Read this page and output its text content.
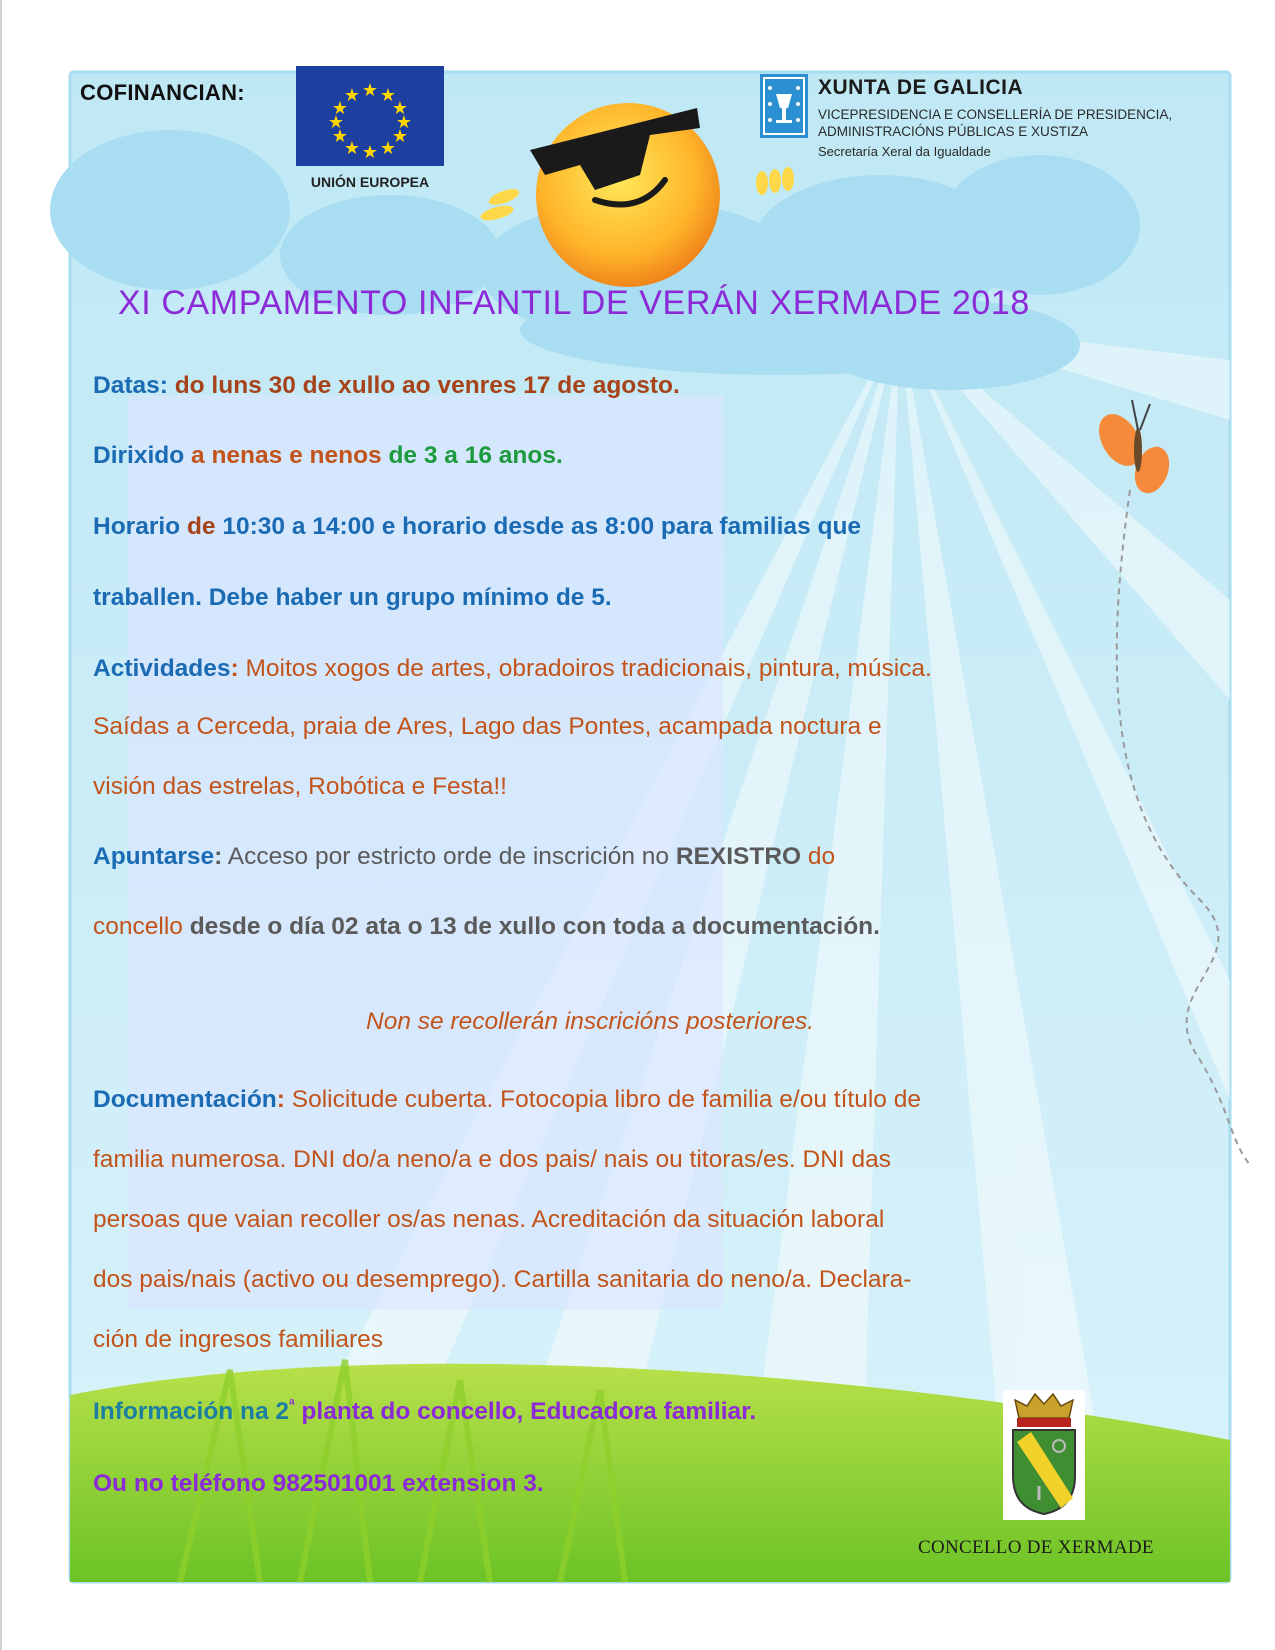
COFINANCIAN:	★ ★
★
★
★
★
★
★
★
★
★
★
UNIÓN EUROPEA
XUNTA DE GALICIA
VICEPRESIDENCIA E CONSELLERÍA DE PRESIDENCIA,
ADMINISTRACIÓNS PÚBLICAS E XUSTIZA
Secretaría Xeral da Igualdade
XI CAMPAMENTO INFANTIL DE VERÁN XERMADE 2018
Datas: do luns 30 de xullo ao venres 17 de agosto.
Dirixido a nenas e nenos de 3 a 16 anos.
Horario de 10:30 a 14:00 e horario desde as 8:00 para familias que
traballen. Debe haber un grupo mínimo de 5.
Actividades: Moitos xogos de artes, obradoiros tradicionais, pintura, música.
Saídas a Cerceda, praia de Ares, Lago das Pontes, acampada noctura e
visión das estrelas, Robótica e Festa!!
Apuntarse: Acceso por estricto orde de inscrición no REXISTRO do
concello desde o día 02 ata o 13 de xullo con toda a documentación.
Non se recollerán inscricións posteriores.
Documentación: Solicitude cuberta. Fotocopia libro de familia e/ou título de
familia numerosa. DNI do/a neno/a e dos pais/ nais ou titoras/es. DNI das
persoas que vaian recoller os/as nenas. Acreditación da situación laboral
dos pais/nais (activo ou desemprego). Cartilla sanitaria do neno/a. Declara-
ción de ingresos familiares
Información na $2^ª$ planta do concello, Educadora familiar.
Ou no teléfono 982501001 extension 3.
CONCELLO DE XERMADE
